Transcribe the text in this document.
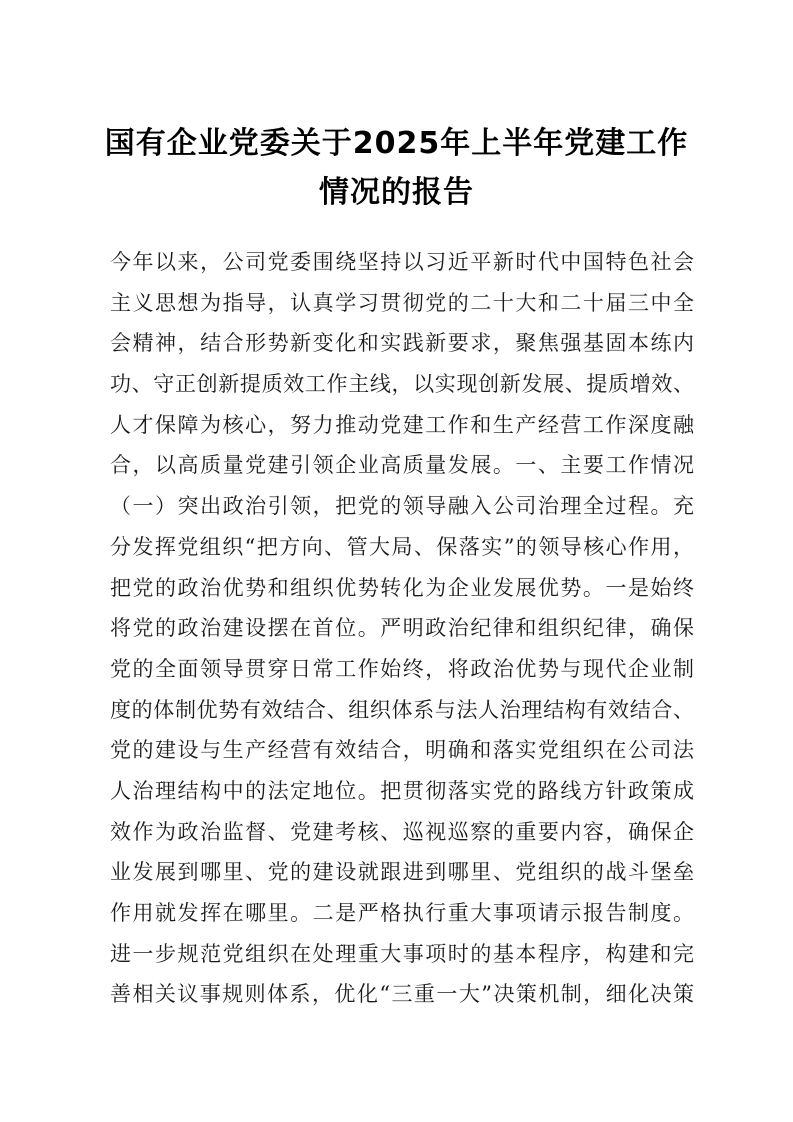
国有企业党委关于2025年上半年党建工作
情况的报告
今年以来，公司党委围绕坚持以习近平新时代中国特色社会
主义思想为指导，认真学习贯彻党的二十大和二十届三中全
会精神，结合形势新变化和实践新要求，聚焦强基固本练内
功、守正创新提质效工作主线，以实现创新发展、提质增效、
人才保障为核心，努力推动党建工作和生产经营工作深度融
合，以高质量党建引领企业高质量发展。一、主要工作情况
（一）突出政治引领，把党的领导融入公司治理全过程。充
分发挥党组织“把方向、管大局、保落实”的领导核心作用，
把党的政治优势和组织优势转化为企业发展优势。一是始终
将党的政治建设摆在首位。严明政治纪律和组织纪律，确保
党的全面领导贯穿日常工作始终，将政治优势与现代企业制
度的体制优势有效结合、组织体系与法人治理结构有效结合、
党的建设与生产经营有效结合，明确和落实党组织在公司法
人治理结构中的法定地位。把贯彻落实党的路线方针政策成
效作为政治监督、党建考核、巡视巡察的重要内容，确保企
业发展到哪里、党的建设就跟进到哪里、党组织的战斗堡垒
作用就发挥在哪里。二是严格执行重大事项请示报告制度。
进一步规范党组织在处理重大事项时的基本程序，构建和完
善相关议事规则体系，优化“三重一大”决策机制，细化决策
